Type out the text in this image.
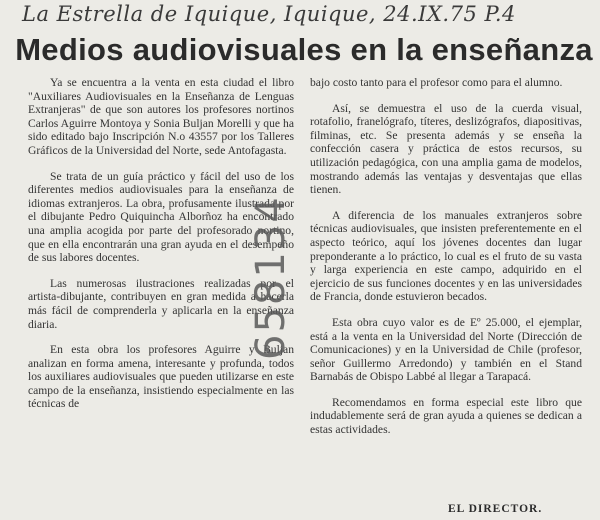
La Estrella de Iquique, Iquique, 24.IX.75 P.4
Medios audiovisuales en la enseñanza

Ya se encuentra a la venta en esta ciudad el libro "Auxiliares Audiovisuales en la Enseñanza de Lenguas Extranjeras" de que son autores los profesores nortinos Carlos Aguirre Montoya y Sonia Buljan Morelli y que ha sido editado bajo Inscripción N.o 43557 por los Talleres Gráficos de la Universidad del Norte, sede Antofagasta.

Se trata de un guía práctico y fácil del uso de los diferentes medios audiovisuales para la enseñanza de idiomas extranjeros. La obra, profusamente ilustrada por el dibujante Pedro Quiquincha Alborñoz ha encontrado una amplia acogida por parte del profesorado nortino, que en ella encontrarán una gran ayuda en el desempeño de sus labores docentes.

Las numerosas ilustraciones realizadas por el artista-dibujante, contribuyen en gran medida a hacerla más fácil de comprenderla y aplicarla en la enseñanza diaria.

En esta obra los profesores Aguirre y Buljan analizan en forma amena, interesante y profunda, todos los auxiliares audiovisuales que pueden utilizarse en este campo de la enseñanza, insistiendo especialmente en las técnicas de

bajo costo tanto para el profesor como para el alumno.

Así, se demuestra el uso de la cuerda visual, rotafolio, franelógrafo, títeres, deslizógrafos, diapositivas, filminas, etc. Se presenta además y se enseña la confección casera y práctica de estos recursos, su utilización pedagógica, con una amplia gama de modelos, mostrando además las ventajas y desventajas que ellas tienen.

A diferencia de los manuales extranjeros sobre técnicas audiovisuales, que insisten preferentemente en el aspecto teórico, aquí los jóvenes docentes dan lugar preponderante a lo práctico, lo cual es el fruto de su vasta y larga experiencia en este campo, adquirido en el ejercicio de sus funciones docentes y en las universidades de Francia, donde estuvieron becados.

Esta obra cuyo valor es de Eº 25.000, el ejemplar, está a la venta en la Universidad del Norte (Dirección de Comunicaciones) y en la Universidad de Chile (profesor, señor Guillermo Arredondo) y también en el Stand Barnabás de Obispo Labbé al llegar a Tarapacá.

Recomendamos en forma especial este libro que indudablemente será de gran ayuda a quienes se dedican a estas actividades.

658134
EL DIRECTOR.
